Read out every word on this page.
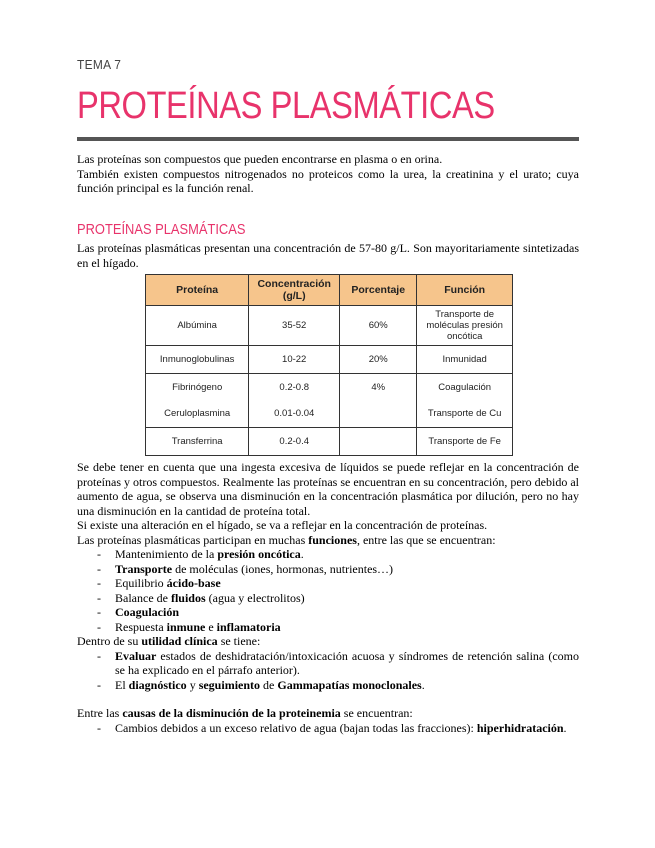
TEMA 7
PROTEÍNAS PLASMÁTICAS
Las proteínas son compuestos que pueden encontrarse en plasma o en orina.
También existen compuestos nitrogenados no proteicos como la urea, la creatinina y el urato; cuya función principal es la función renal.
PROTEÍNAS PLASMÁTICAS
Las proteínas plasmáticas presentan una concentración de 57-80 g/L. Son mayoritariamente sintetizadas en el hígado.
Proteína	Concentración (g/L)	Porcentaje	Función
Albúmina	35-52	60%	Transporte de moléculas presión oncótica
Inmunoglobulinas	10-22	20%	Inmunidad
Fibrinógeno	0.2-0.8	4%	Coagulación
Ceruloplasmina	0.01-0.04		Transporte de Cu
Transferrina	0.2-0.4		Transporte de Fe

Se debe tener en cuenta que una ingesta excesiva de líquidos se puede reflejar en la concentración de proteínas y otros compuestos. Realmente las proteínas se encuentran en su concentración, pero debido al aumento de agua, se observa una disminución en la concentración plasmática por dilución, pero no hay una disminución en la cantidad de proteína total.

Si existe una alteración en el hígado, se va a reflejar en la concentración de proteínas.

Las proteínas plasmáticas participan en muchas funciones, entre las que se encuentran:

- Mantenimiento de la presión oncótica.
- Transporte de moléculas (iones, hormonas, nutrientes…)
- Equilibrio ácido-base
- Balance de fluidos (agua y electrolitos)
- Coagulación
- Respuesta inmune e inflamatoria

Dentro de su utilidad clínica se tiene:

- Evaluar estados de deshidratación/intoxicación acuosa y síndromes de retención salina (como se ha explicado en el párrafo anterior).
- El diagnóstico y seguimiento de Gammapatías monoclonales.

Entre las causas de la disminución de la proteinemia se encuentran:

- Cambios debidos a un exceso relativo de agua (bajan todas las fracciones): hiperhidratación.
